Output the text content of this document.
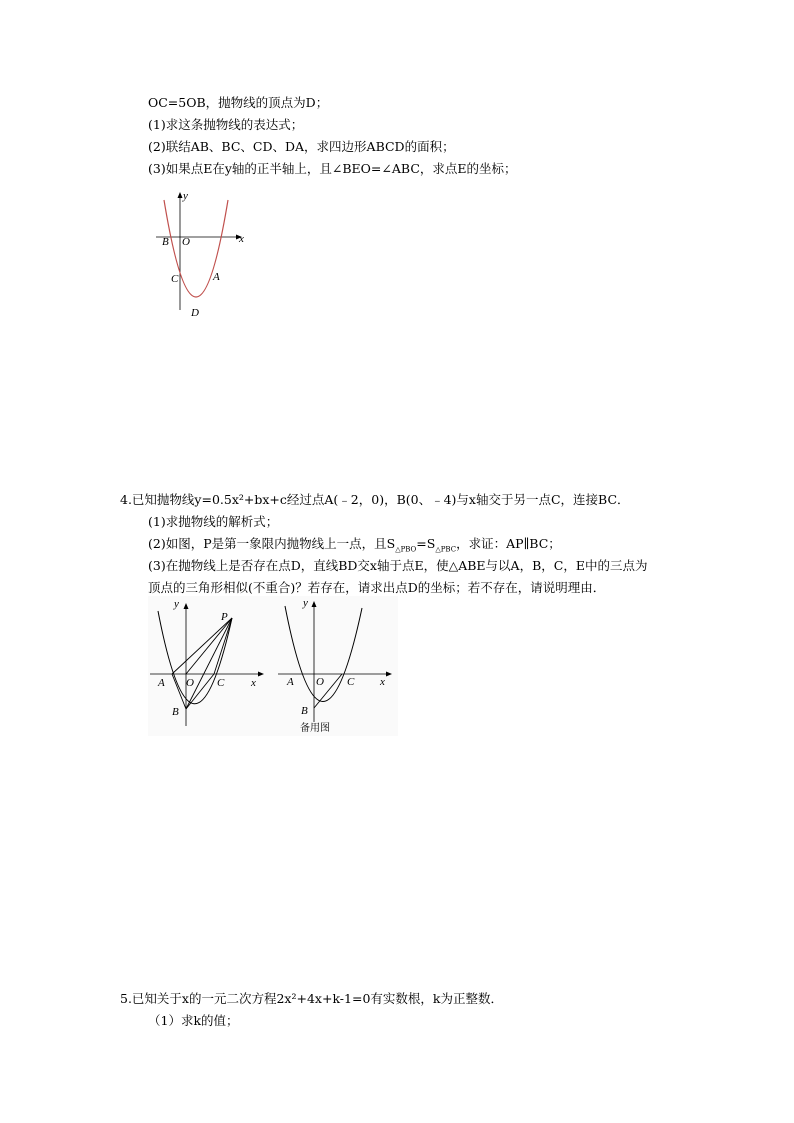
OC=5OB，抛物线的顶点为D；
(1)求这条抛物线的表达式；
(2)联结AB、BC、CD、DA，求四边形ABCD的面积；
(3)如果点E在y轴的正半轴上，且∠BEO=∠ABC，求点E的坐标；
y
x
B O
C	A
D
4.已知抛物线y=0.5x²+bx+c经过点A(﹣2，0)，B(0、﹣4)与x轴交于另一点C，连接BC．
(1)求抛物线的解析式；
(2)如图，P是第一象限内抛物线上一点，且$S_{\triangle PBO}=S_{\triangle PBC}$，求证：AP∥BC；
(3)在抛物线上是否存在点D，直线BD交x轴于点E，使△ABE与以A，B，C，E中的三点为
顶点的三角形相似(不重合)？若存在，请求出点D的坐标；若不存在，请说明理由．
y
P
A O C x
B
y
A O C x
B
备用图
5.已知关于x的一元二次方程2x²+4x+k-1=0有实数根，k为正整数．
（1）求k的值；
